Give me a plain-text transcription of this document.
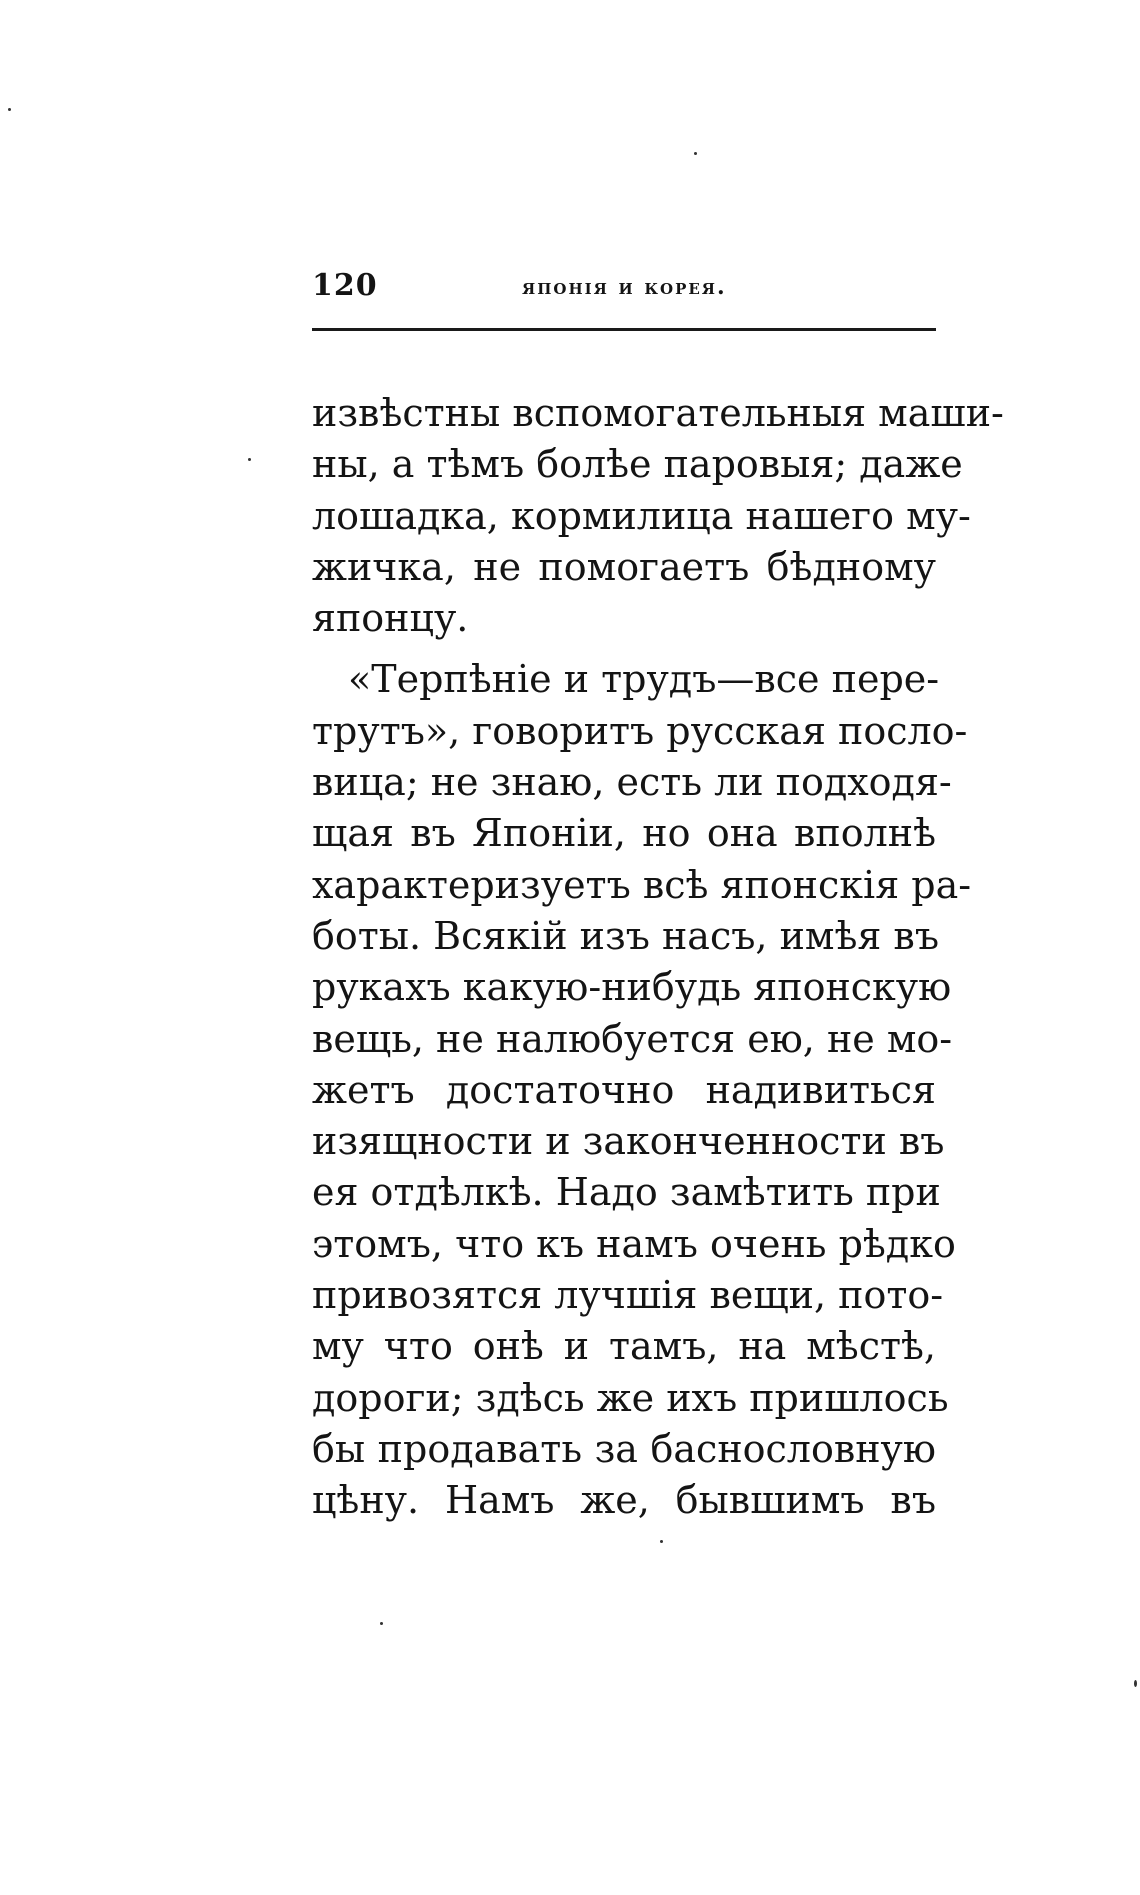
120	японія и корея.
извѣстны вспомогательныя маши-
ны, а тѣмъ болѣе паровыя; даже
лошадка, кормилица нашего му-
жичка, не помогаетъ бѣдному
японцу.
«Терпѣніе и трудъ—все пере-
трутъ», говоритъ русская посло-
вица; не знаю, есть ли подходя-
щая въ Японіи, но она вполнѣ
характеризуетъ всѣ японскія ра-
боты. Всякій изъ насъ, имѣя въ
рукахъ какую-нибудь японскую
вещь, не налюбуется ею, не мо-
жетъ достаточно надивиться
изящности и законченности въ
ея отдѣлкѣ. Надо замѣтить при
этомъ, что къ намъ очень рѣдко
привозятся лучшія вещи, пото-
му что онѣ и тамъ, на мѣстѣ,
дороги; здѣсь же ихъ пришлось
бы продавать за баснословную
цѣну. Намъ же, бывшимъ въ
